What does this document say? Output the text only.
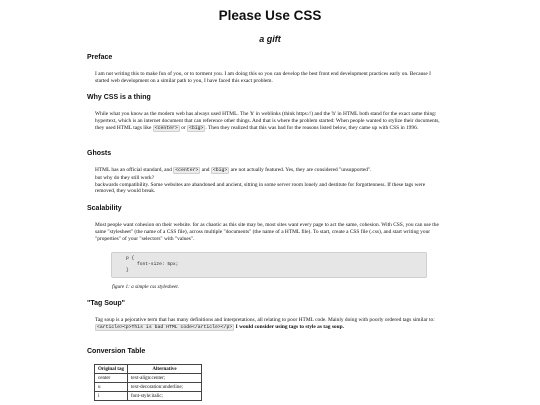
Please Use CSS
a gift
Preface

I am not writing this to make fun of you, or to torment you. I am doing this so you can develop the best front end development practices early on. Because I started web development on a similar path to you, I have faced this exact problem.

Why CSS is a thing

While what you know as the modern web has always used HTML. The 'h' in weblinks (think https://) and the 'h' in HTML both stand for the exact same thing: hypertext, which is an internet document that can reference other things. And that is where the problem started: When people wanted to stylize their documents, they used HTML tags like <center> or <big> . Then they realized that this was bad for the reasons listed below, they came up with CSS in 1996.

Ghosts

HTML has an official standard, and <center> and <big> are not actually featured. Yes, they are considered "unsupported".
but why do they still work?
backwards compatibility. Some websites are abandoned and ancient, sitting in some server room lonely and destitute for forgottenness. If these tags were removed, they would break.

Scalability

Most people want cohesion on their website. for as chaotic as this site may be, most sites want every page to act the same, cohesion. With CSS, you can use the same "stylesheet" (the name of a CSS file), across multiple "documents" (the name of a HTML file). To start, create a CSS file (.css), and start writing your "properties" of your "selectors" with "values".

p {
font-size: 5px;
}
figure 1: a simple css stylesheet.
"Tag Soup"

Tag soup is a pejorative term that has many definitions and interpretations, all relating to poor HTML code. Mainly doing with poorly ordered tags similar to: <article><p>This is bad HTML code</article></p> I would consider using tags to style as tag soup.

Conversion Table
Original tag	Alternative
center	text-align:center;
u	text-decoration:underline;
i	font-style:italic;
